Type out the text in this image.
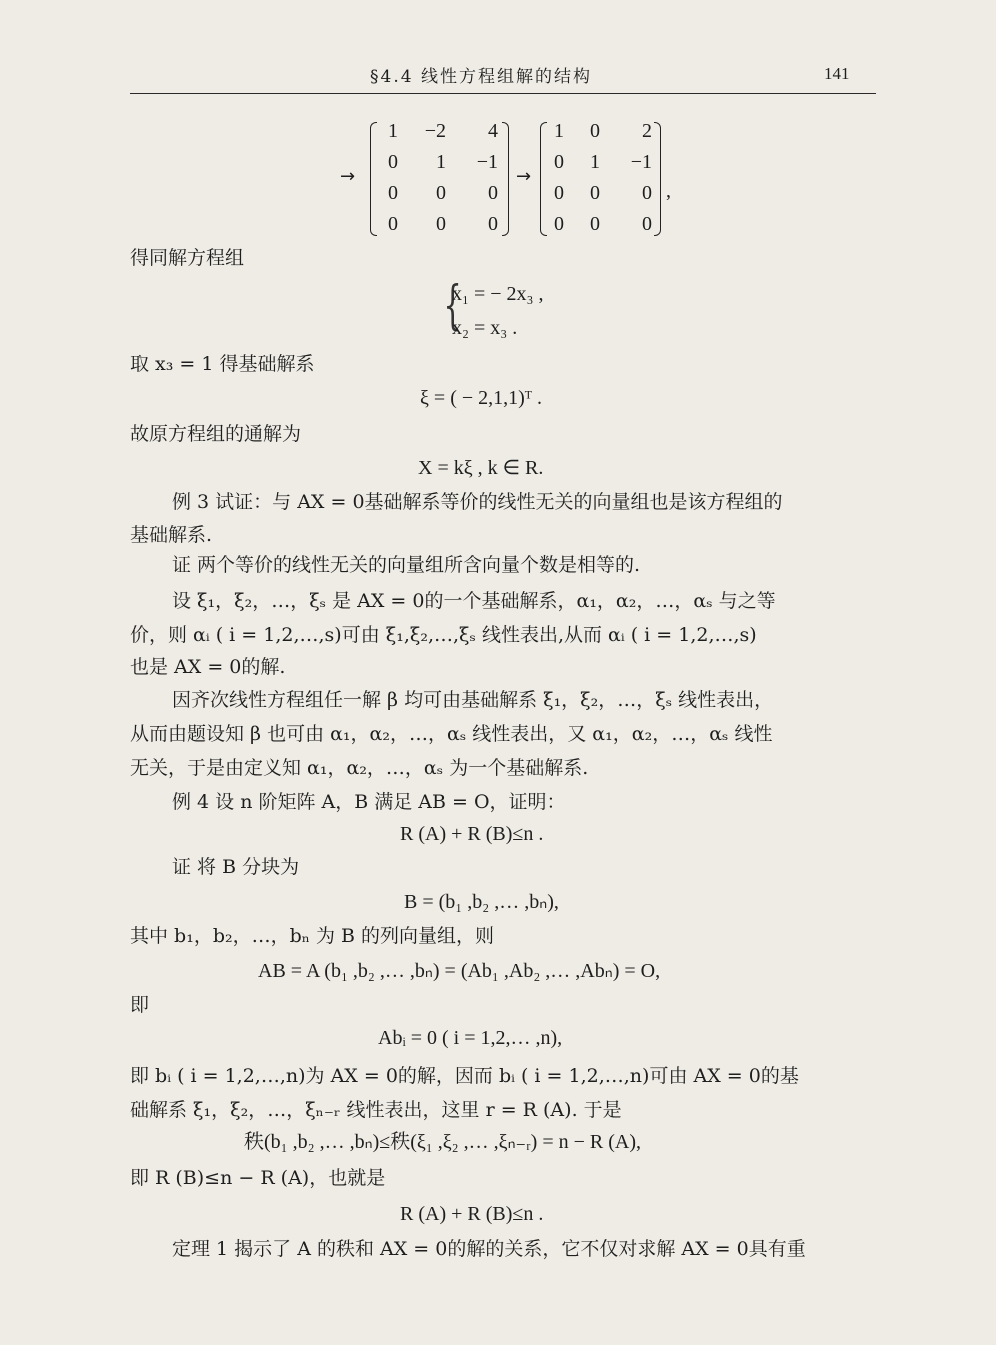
§4.4 线性方程组解的结构	141
→
1	−2	4
0	1	−1
0	0	0
0	0	0
→
1	0	2
0	1	−1
0	0	0
0	0	0
,
得同解方程组
{
x₁ = − 2x₃ ,
x₂ = x₃ .
取 x₃ = 1 得基础解系
ξ = ( − 2,1,1)ᵀ .
故原方程组的通解为
X = kξ , k ∈ R.
例 3 试证：与 AX = 0基础解系等价的线性无关的向量组也是该方程组的
基础解系.
证 两个等价的线性无关的向量组所含向量个数是相等的.
设 ξ₁，ξ₂，…，ξₛ 是 AX = 0的一个基础解系，α₁，α₂，…，αₛ 与之等
价，则 αᵢ ( i = 1,2,…,s)可由 ξ₁,ξ₂,…,ξₛ 线性表出,从而 αᵢ ( i = 1,2,…,s)
也是 AX = 0的解.
因齐次线性方程组任一解 β 均可由基础解系 ξ₁，ξ₂，…，ξₛ 线性表出，
从而由题设知 β 也可由 α₁，α₂，…，αₛ 线性表出，又 α₁，α₂，…，αₛ 线性
无关，于是由定义知 α₁，α₂，…，αₛ 为一个基础解系.
例 4 设 n 阶矩阵 A，B 满足 AB = O，证明：
R (A) + R (B)≤n .
证 将 B 分块为
B = (b₁ ,b₂ ,… ,bₙ),
其中 b₁，b₂，…，bₙ 为 B 的列向量组，则
AB = A (b₁ ,b₂ ,… ,bₙ) = (Ab₁ ,Ab₂ ,… ,Abₙ) = O,
即
Abᵢ = 0 ( i = 1,2,… ,n),
即 bᵢ ( i = 1,2,…,n)为 AX = 0的解，因而 bᵢ ( i = 1,2,…,n)可由 AX = 0的基
础解系 ξ₁，ξ₂，…，ξₙ₋ᵣ 线性表出，这里 r = R (A). 于是
秩(b₁ ,b₂ ,… ,bₙ)≤秩(ξ₁ ,ξ₂ ,… ,ξₙ₋ᵣ) = n − R (A),
即 R (B)≤n − R (A)，也就是
R (A) + R (B)≤n .
定理 1 揭示了 A 的秩和 AX = 0的解的关系，它不仅对求解 AX = 0具有重
